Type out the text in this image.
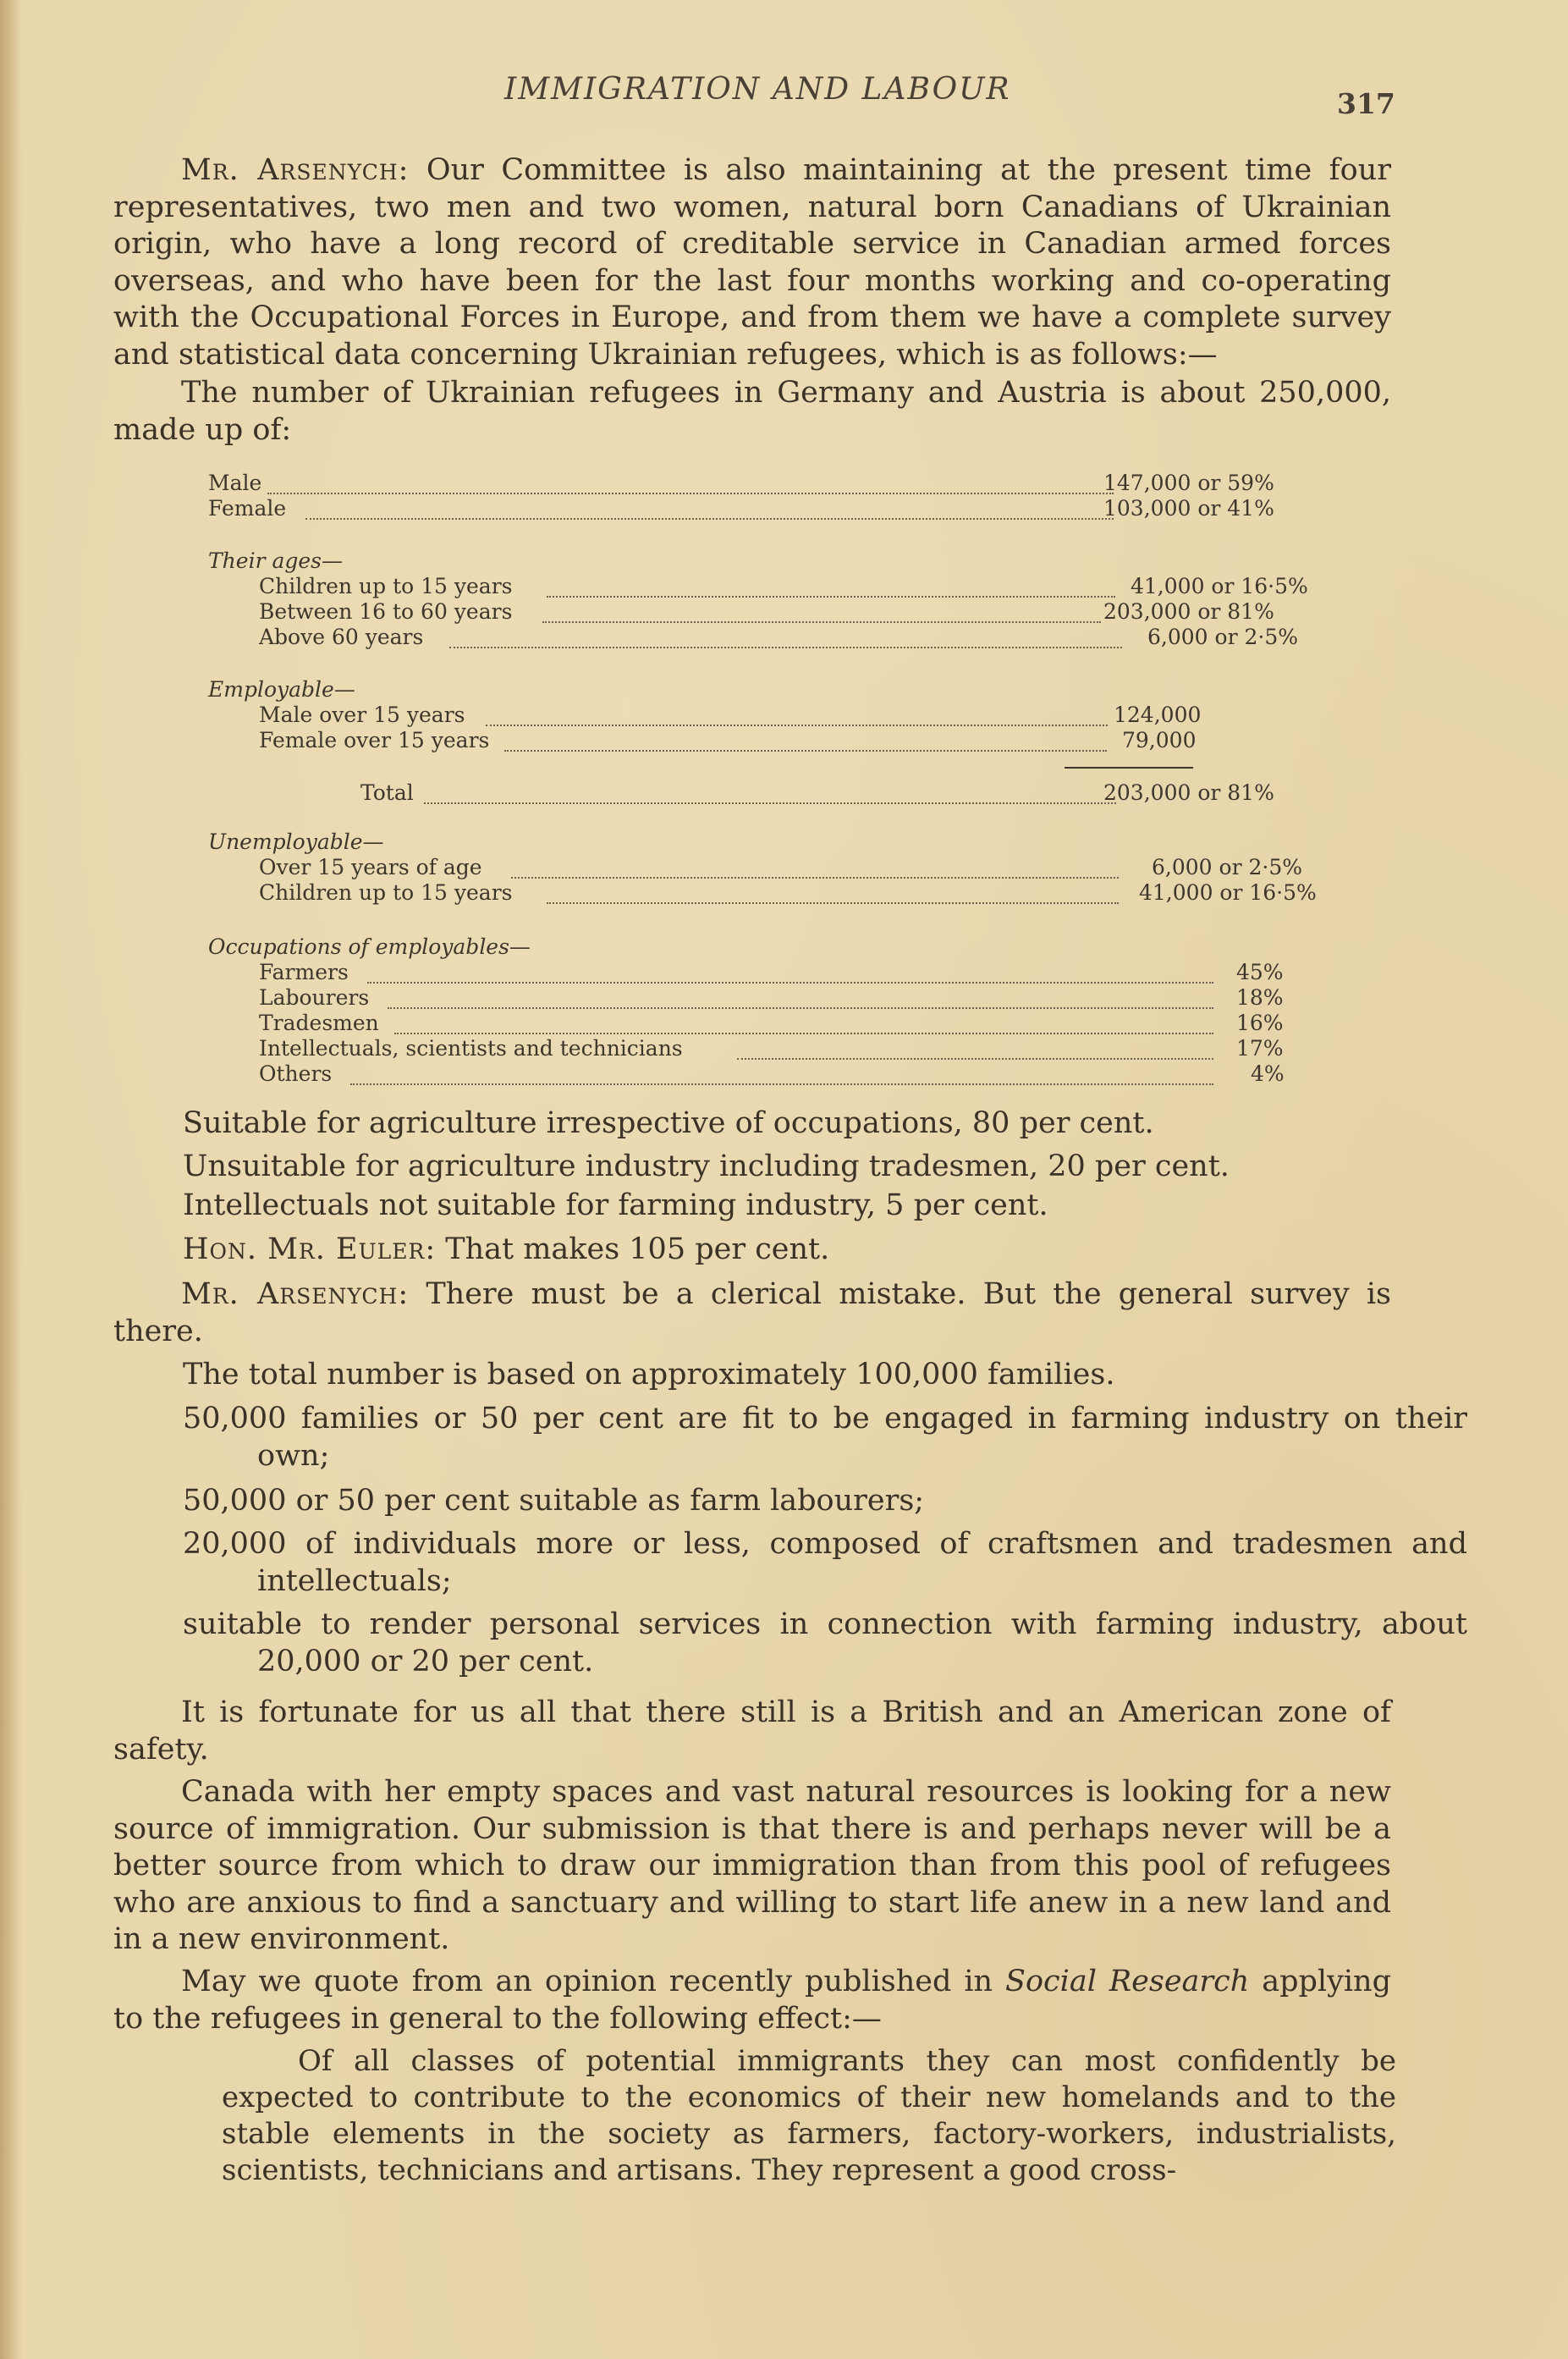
IMMIGRATION AND LABOUR	317

Mr. Arsenych: Our Committee is also maintaining at the present time four representatives, two men and two women, natural born Canadians of Ukrainian origin, who have a long record of creditable service in Canadian armed forces overseas, and who have been for the last four months working and co-operating with the Occupational Forces in Europe, and from them we have a complete survey and statistical data concerning Ukrainian refugees, which is as follows:—

The number of Ukrainian refugees in Germany and Austria is about 250,000, made up of:

Male	147,000 or 59%
Female	103,000 or 41%
Their ages—
Children up to 15 years	41,000 or 16·5%
Between 16 to 60 years	203,000 or 81%
Above 60 years	6,000 or 2·5%
Employable—
Male over 15 years	124,000
Female over 15 years	79,000
Total	203,000 or 81%
Unemployable—
Over 15 years of age	6,000 or 2·5%
Children up to 15 years	41,000 or 16·5%
Occupations of employables—
Farmers	45%
Labourers	18%
Tradesmen	16%
Intellectuals, scientists and technicians	17%
Others	4%

Suitable for agriculture irrespective of occupations, 80 per cent.

Unsuitable for agriculture industry including tradesmen, 20 per cent.

Intellectuals not suitable for farming industry, 5 per cent.

Hon. Mr. Euler: That makes 105 per cent.

Mr. Arsenych: There must be a clerical mistake. But the general survey is there.

The total number is based on approximately 100,000 families.

50,000 families or 50 per cent are fit to be engaged in farming industry on their own;

50,000 or 50 per cent suitable as farm labourers;

20,000 of individuals more or less, composed of craftsmen and tradesmen and intellectuals;

suitable to render personal services in connection with farming industry, about 20,000 or 20 per cent.

It is fortunate for us all that there still is a British and an American zone of safety.

Canada with her empty spaces and vast natural resources is looking for a new source of immigration. Our submission is that there is and perhaps never will be a better source from which to draw our immigration than from this pool of refugees who are anxious to find a sanctuary and willing to start life anew in a new land and in a new environment.

May we quote from an opinion recently published in Social Research applying to the refugees in general to the following effect:—

Of all classes of potential immigrants they can most confidently be expected to contribute to the economics of their new homelands and to the stable elements in the society as farmers, factory-workers, industrialists, scientists, technicians and artisans. They represent a good cross-
